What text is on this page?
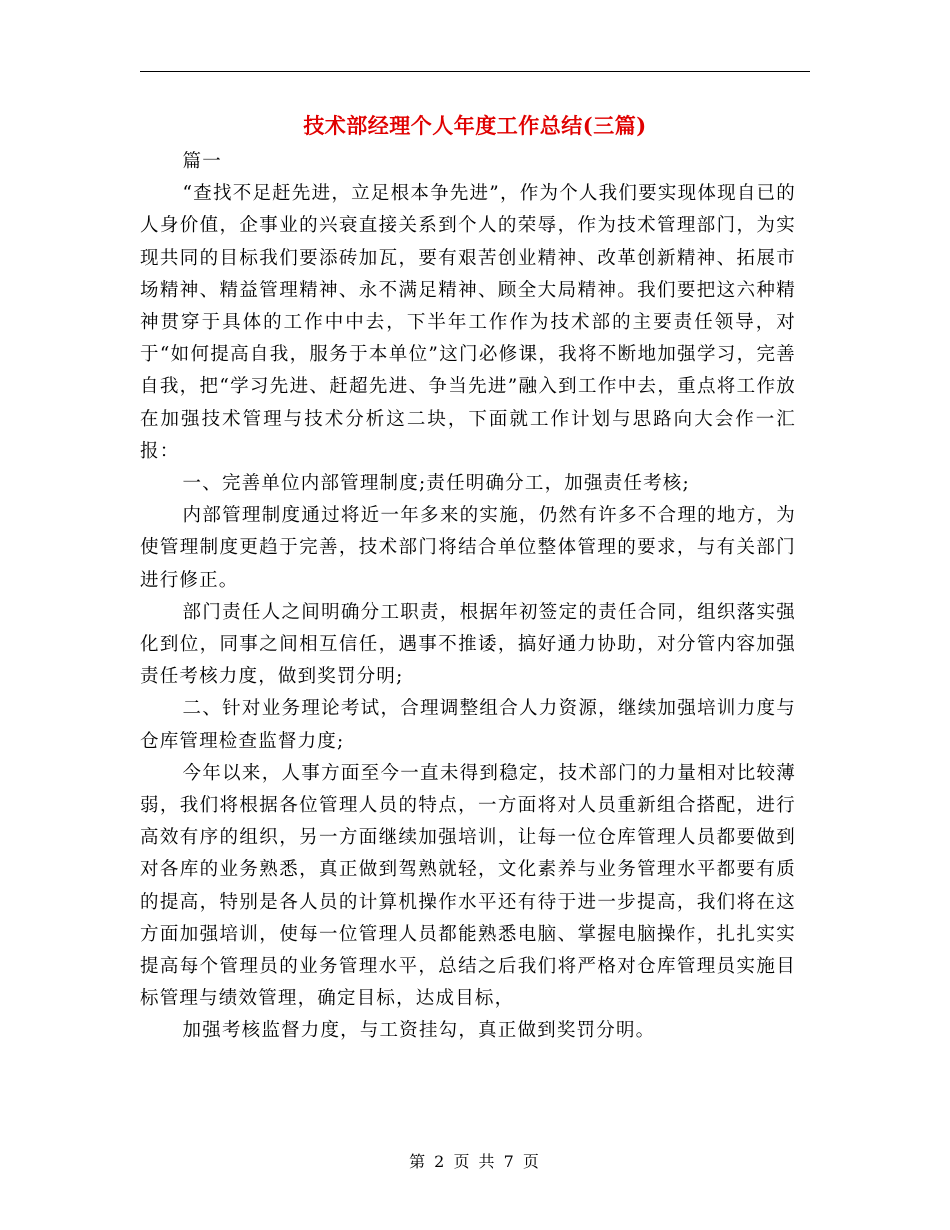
技术部经理个人年度工作总结(三篇)

篇一

“查找不足赶先进，立足根本争先进”，作为个人我们要实现体现自已的人身价值，企事业的兴衰直接关系到个人的荣辱，作为技术管理部门，为实现共同的目标我们要添砖加瓦，要有艰苦创业精神、改革创新精神、拓展市场精神、精益管理精神、永不满足精神、顾全大局精神。我们要把这六种精神贯穿于具体的工作中中去，下半年工作作为技术部的主要责任领导，对于“如何提高自我，服务于本单位”这门必修课，我将不断地加强学习，完善自我，把“学习先进、赶超先进、争当先进”融入到工作中去，重点将工作放在加强技术管理与技术分析这二块，下面就工作计划与思路向大会作一汇报：

一、完善单位内部管理制度;责任明确分工，加强责任考核;

内部管理制度通过将近一年多来的实施，仍然有许多不合理的地方，为使管理制度更趋于完善，技术部门将结合单位整体管理的要求，与有关部门进行修正。

部门责任人之间明确分工职责，根据年初签定的责任合同，组织落实强化到位，同事之间相互信任，遇事不推诿，搞好通力协助，对分管内容加强责任考核力度，做到奖罚分明;

二、针对业务理论考试，合理调整组合人力资源，继续加强培训力度与仓库管理检查监督力度;

今年以来，人事方面至今一直未得到稳定，技术部门的力量相对比较薄弱，我们将根据各位管理人员的特点，一方面将对人员重新组合搭配，进行高效有序的组织，另一方面继续加强培训，让每一位仓库管理人员都要做到对各库的业务熟悉，真正做到驾熟就轻，文化素养与业务管理水平都要有质的提高，特别是各人员的计算机操作水平还有待于进一步提高，我们将在这方面加强培训，使每一位管理人员都能熟悉电脑、掌握电脑操作，扎扎实实提高每个管理员的业务管理水平，总结之后我们将严格对仓库管理员实施目标管理与绩效管理，确定目标，达成目标，

加强考核监督力度，与工资挂勾，真正做到奖罚分明。

第 2 页 共 7 页
